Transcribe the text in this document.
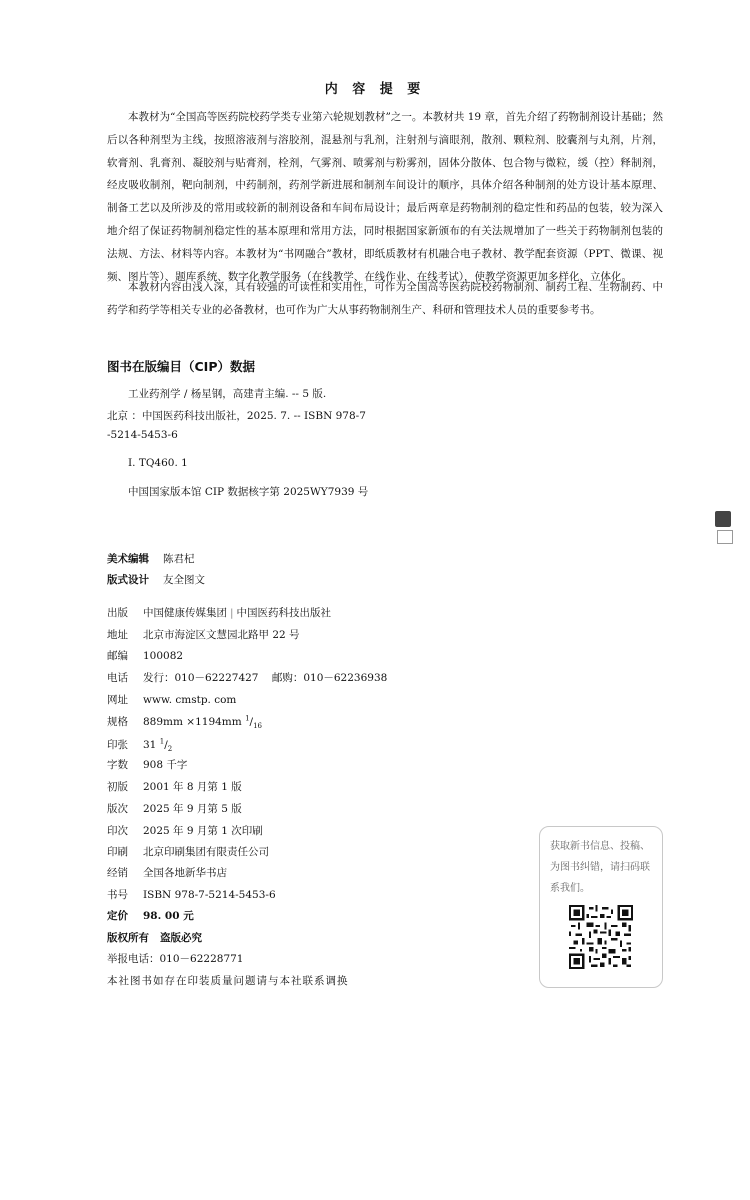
内 容 提 要

本教材为“全国高等医药院校药学类专业第六轮规划教材”之一。本教材共 19 章，首先介绍了药物制剂设计基础；然后以各种剂型为主线，按照溶液剂与溶胶剂，混悬剂与乳剂，注射剂与滴眼剂，散剂、颗粒剂、胶囊剂与丸剂，片剂，软膏剂、乳膏剂、凝胶剂与贴膏剂，栓剂，气雾剂、喷雾剂与粉雾剂，固体分散体、包合物与微粒，缓（控）释制剂，经皮吸收制剂，靶向制剂，中药制剂，药剂学新进展和制剂车间设计的顺序，具体介绍各种制剂的处方设计基本原理、制备工艺以及所涉及的常用或较新的制剂设备和车间布局设计；最后两章是药物制剂的稳定性和药品的包装，较为深入地介绍了保证药物制剂稳定性的基本原理和常用方法，同时根据国家新颁布的有关法规增加了一些关于药物制剂包装的法规、方法、材料等内容。本教材为“书网融合”教材，即纸质教材有机融合电子教材、教学配套资源（PPT、微课、视频、图片等）、题库系统、数字化教学服务（在线教学、在线作业、在线考试），使教学资源更加多样化、立体化。

本教材内容由浅入深，具有较强的可读性和实用性，可作为全国高等医药院校药物制剂、制药工程、生物制药、中药学和药学等相关专业的必备教材，也可作为广大从事药物制剂生产、科研和管理技术人员的重要参考书。

图书在版编目（CIP）数据
工业药剂学 / 杨星钢，高建青主编. -- 5 版.
北京 ：中国医药科技出版社，2025. 7. -- ISBN 978-7
-5214-5453-6
Ⅰ. TQ460. 1
中国国家版本馆 CIP 数据核字第 2025WY7939 号
美术编辑 陈君杞
版式设计 友全图文
出版 中国健康传媒集团 | 中国医药科技出版社
地址 北京市海淀区文慧园北路甲 22 号
邮编 100082
电话 发行：010－62227427    邮购：010－62236938
网址 www. cmstp. com
规格 889mm ×1194mm $^1/_{16}$
印张 31 $^1/_2$
字数 908 千字
初版 2001 年 8 月第 1 版
版次 2025 年 9 月第 5 版
印次 2025 年 9 月第 1 次印刷
印刷 北京印刷集团有限责任公司
经销 全国各地新华书店
书号 ISBN 978-7-5214-5453-6
定价 98. 00 元
版权所有   盗版必究
举报电话：010－62228771
本社图书如存在印装质量问题请与本社联系调换
获取新书信息、投稿、为图书纠错，请扫码联系我们。
